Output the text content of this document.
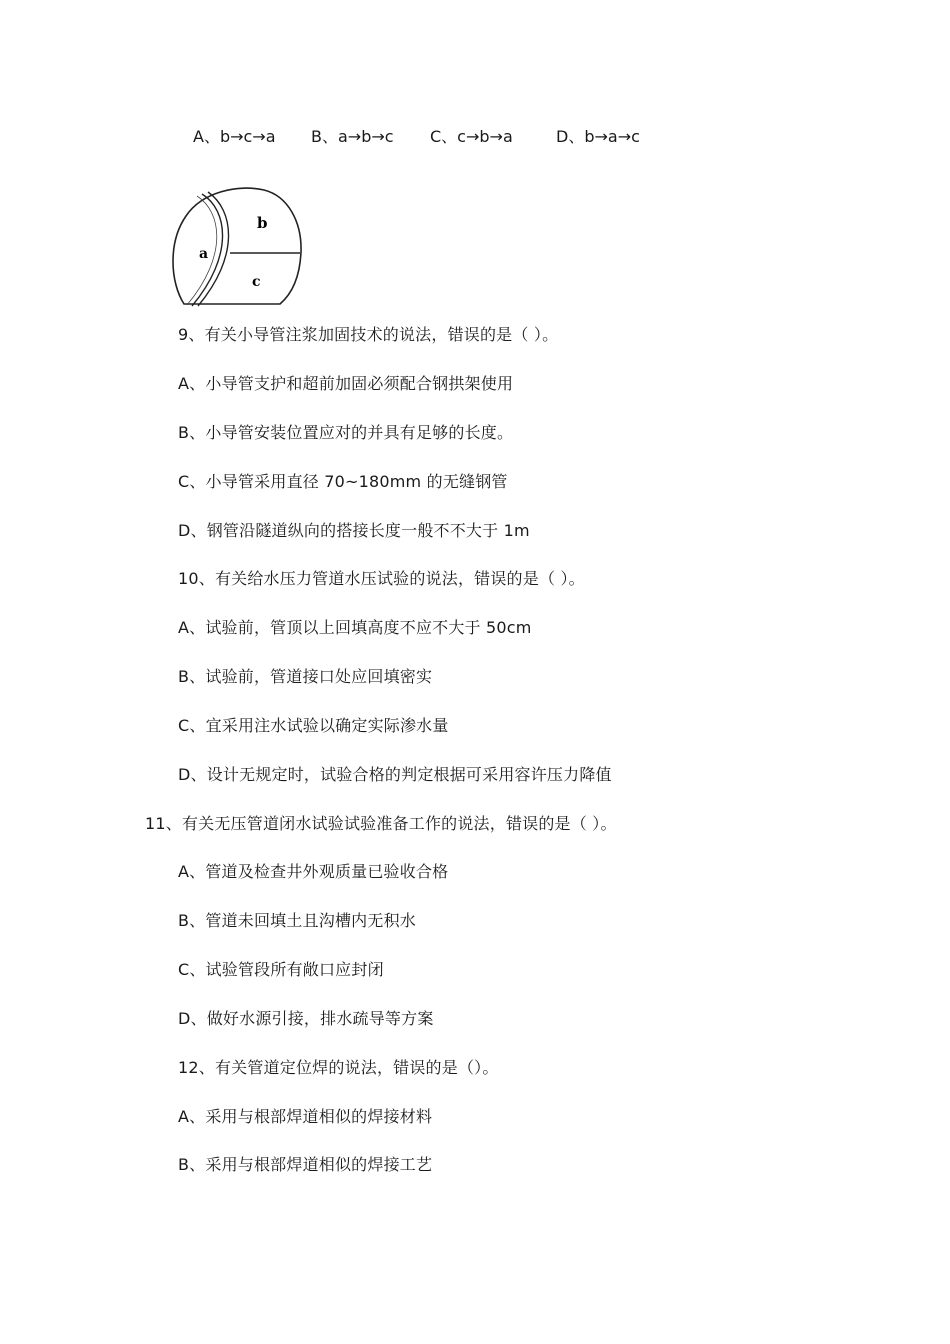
A、b→c→a B、a→b→c C、c→b→a	D、b→a→c
a
b
c
9、有关小导管注浆加固技术的说法，错误的是（ ）。
A、小导管支护和超前加固必须配合钢拱架使用
B、小导管安装位置应对的并具有足够的长度。
C、小导管采用直径 70~180mm 的无缝钢管
D、钢管沿隧道纵向的搭接长度一般不不大于 1m
10、有关给水压力管道水压试验的说法，错误的是（ ）。
A、试验前，管顶以上回填高度不应不大于 50cm
B、试验前，管道接口处应回填密实
C、宜采用注水试验以确定实际渗水量
D、设计无规定时，试验合格的判定根据可采用容许压力降值
11、有关无压管道闭水试验试验准备工作的说法，错误的是（ ）。
A、管道及检查井外观质量已验收合格
B、管道未回填土且沟槽内无积水
C、试验管段所有敞口应封闭
D、做好水源引接，排水疏导等方案
12、有关管道定位焊的说法，错误的是（）。
A、采用与根部焊道相似的焊接材料
B、采用与根部焊道相似的焊接工艺
